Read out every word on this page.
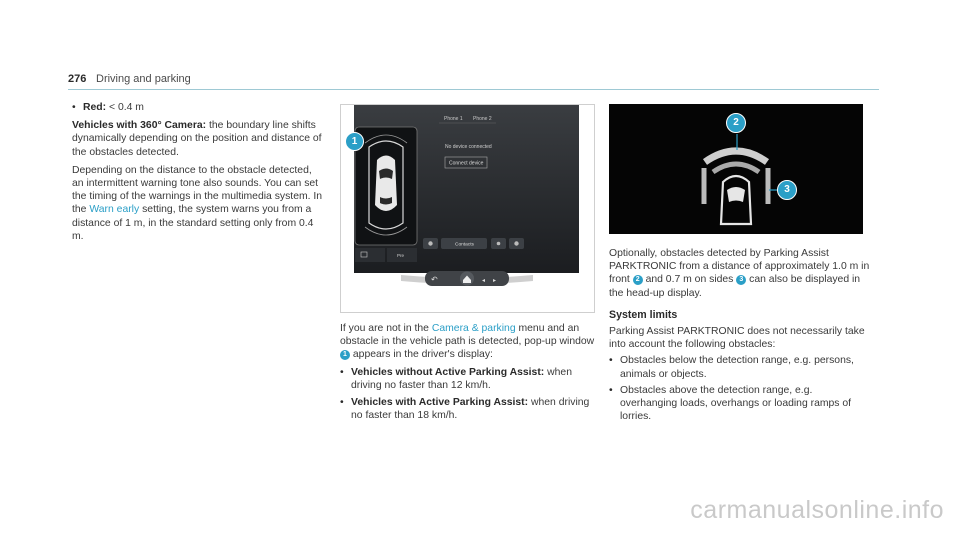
276 Driving and parking

• Red: < 0.4 m

Vehicles with 360° Camera: the boundary line shifts dynamically depending on the position and distance of the obstacles detected.

Depending on the distance to the obstacle detected, an intermittent warning tone also sounds. You can set the timing of the warnings in the multimedia system. In the Warn early setting, the system warns you from a distance of 1 m, in the standard setting only from 0.4 m.

Phone 1 Phone 2
No device connected
Connect device
Pre
Contacts
↶	◂ ▸
1

If you are not in the Camera & parking menu and an obstacle in the vehicle path is detected, pop-up window 1 appears in the driver's display:

• Vehicles without Active Parking Assist: when driving no faster than 12 km/h.

• Vehicles with Active Parking Assist: when driving no faster than 18 km/h.

2
3

Optionally, obstacles detected by Parking Assist PARKTRONIC from a distance of approximately 1.0 m in front 2 and 0.7 m on sides 3 can also be displayed in the head-up display.

System limits

Parking Assist PARKTRONIC does not necessarily take into account the following obstacles:

• Obstacles below the detection range, e.g. persons, animals or objects.

• Obstacles above the detection range, e.g. overhanging loads, overhangs or loading ramps of lorries.

carmanualsonline.info
